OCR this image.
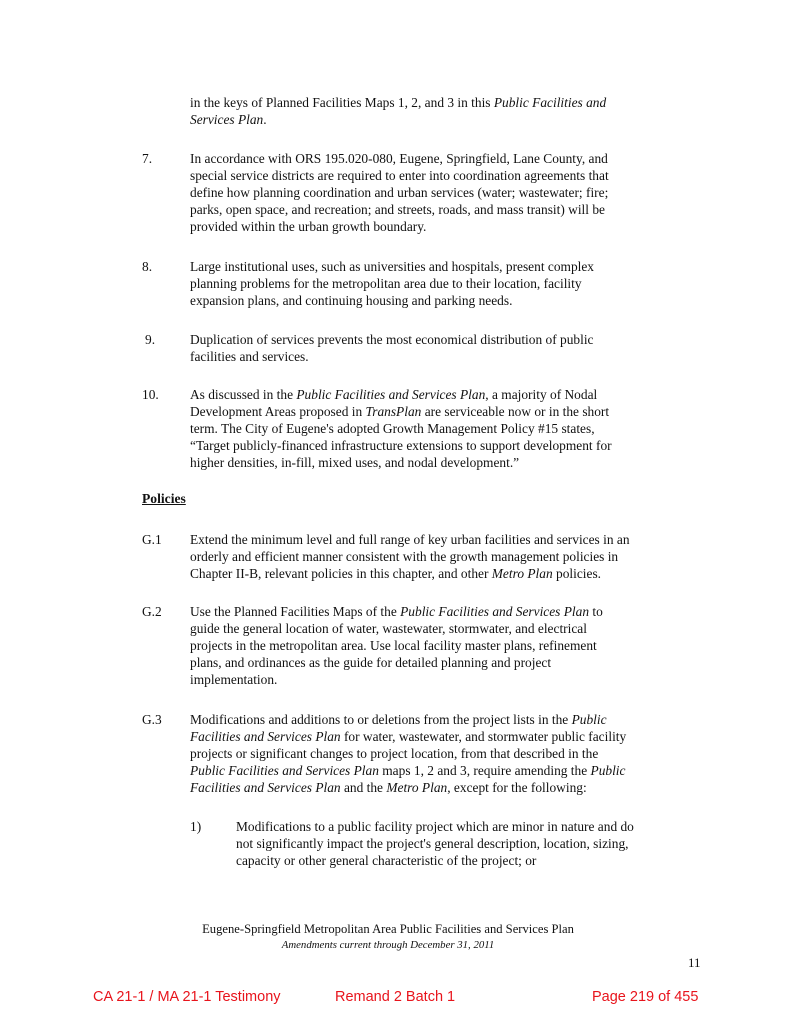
in the keys of Planned Facilities Maps 1, 2, and 3 in this Public Facilities and
Services Plan.
7.	In accordance with ORS 195.020-080, Eugene, Springfield, Lane County, and
special service districts are required to enter into coordination agreements that
define how planning coordination and urban services (water; wastewater; fire;
parks, open space, and recreation; and streets, roads, and mass transit) will be
provided within the urban growth boundary.
8.	Large institutional uses, such as universities and hospitals, present complex
planning problems for the metropolitan area due to their location, facility
expansion plans, and continuing housing and parking needs.
9.	Duplication of services prevents the most economical distribution of public
facilities and services.
10. As discussed in the Public Facilities and Services Plan, a majority of Nodal
Development Areas proposed in TransPlan are serviceable now or in the short
term. The City of Eugene's adopted Growth Management Policy #15 states,
“Target publicly-financed infrastructure extensions to support development for
higher densities, in-fill, mixed uses, and nodal development.”
Policies
G.1 Extend the minimum level and full range of key urban facilities and services in an
orderly and efficient manner consistent with the growth management policies in
Chapter II-B, relevant policies in this chapter, and other Metro Plan policies.
G.2 Use the Planned Facilities Maps of the Public Facilities and Services Plan to
guide the general location of water, wastewater, stormwater, and electrical
projects in the metropolitan area. Use local facility master plans, refinement
plans, and ordinances as the guide for detailed planning and project
implementation.
G.3 Modifications and additions to or deletions from the project lists in the Public
Facilities and Services Plan for water, wastewater, and stormwater public facility
projects or significant changes to project location, from that described in the
Public Facilities and Services Plan maps 1, 2 and 3, require amending the Public
Facilities and Services Plan and the Metro Plan, except for the following:
1)	Modifications to a public facility project which are minor in nature and do
not significantly impact the project's general description, location, sizing,
capacity or other general characteristic of the project; or
Eugene-Springfield Metropolitan Area Public Facilities and Services Plan
Amendments current through December 31, 2011
11
CA 21-1 / MA 21-1 Testimony	Remand 2 Batch 1	Page 219 of 455
